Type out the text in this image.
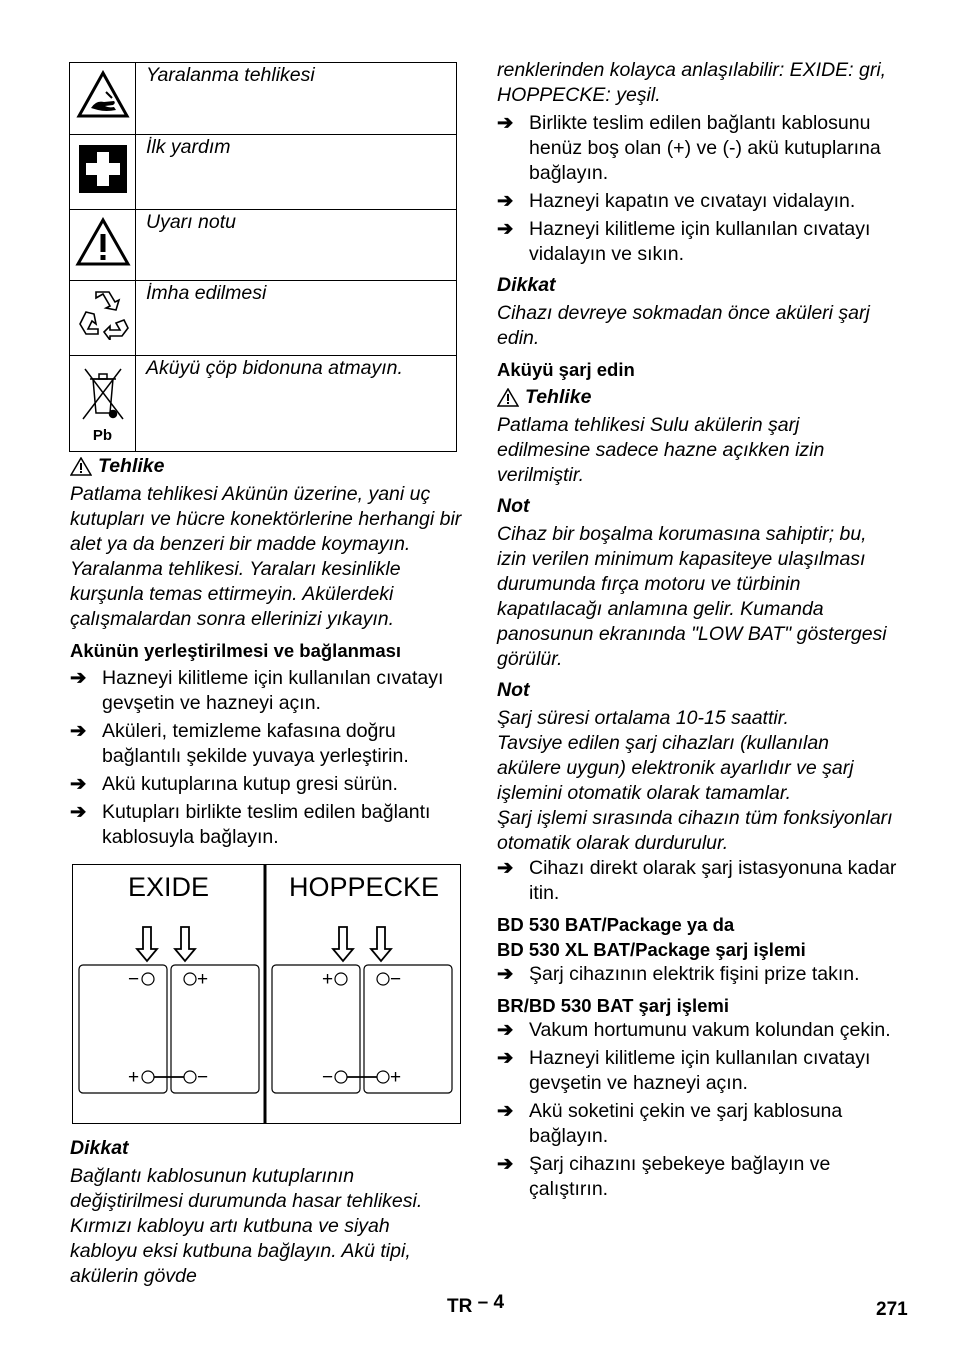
	Yaralanma tehlikesi
	İlk yardım
	Uyarı notu
	İmha edilmesi

Pb	Aküyü çöp bidonuna atmayın.
Tehlike

Patlama tehlikesi Akünün üzerine, yani uç kutupları ve hücre konektörlerine herhangi bir alet ya da benzeri bir madde koymayın. Yaralanma tehlikesi. Yaraları kesinlikle kurşunla temas ettirmeyin. Akülerdeki çalışmalardan sonra ellerinizi yıkayın.

Akünün yerleştirilmesi ve bağlanması

➔ Hazneyi kilitleme için kullanılan cıvatayı gevşetin ve hazneyi açın.
➔ Aküleri, temizleme kafasına doğru bağlantılı şekilde yuvaya yerleştirin.
➔ Akü kutuplarına kutup gresi sürün.
➔ Kutupları birlikte teslim edilen bağlantı kablosuyla bağlayın.
EXIDE	HOPPECKE
−	+
+	−
+	−
−	+

Dikkat

Bağlantı kablosunun kutuplarının değiştirilmesi durumunda hasar tehlikesi. Kırmızı kabloyu artı kutbuna ve siyah kabloyu eksi kutbuna bağlayın. Akü tipi, akülerin gövde

renklerinden kolayca anlaşılabilir: EXIDE: gri, HOPPECKE: yeşil.

➔ Birlikte teslim edilen bağlantı kablosunu henüz boş olan (+) ve (-) akü kutuplarına bağlayın.
➔ Hazneyi kapatın ve cıvatayı vidalayın.
➔ Hazneyi kilitleme için kullanılan cıvatayı vidalayın ve sıkın.

Dikkat

Cihazı devreye sokmadan önce aküleri şarj edin.

Aküyü şarj edin

Tehlike

Patlama tehlikesi Sulu akülerin şarj edilmesine sadece hazne açıkken izin verilmiştir.

Not

Cihaz bir boşalma korumasına sahiptir; bu, izin verilen minimum kapasiteye ulaşılması durumunda fırça motoru ve türbinin kapatılacağı anlamına gelir. Kumanda panosunun ekranında "LOW BAT" göstergesi görülür.

Not

Şarj süresi ortalama 10-15 saattir.

Tavsiye edilen şarj cihazları (kullanılan akülere uygun) elektronik ayarlıdır ve şarj işlemini otomatik olarak tamamlar.

Şarj işlemi sırasında cihazın tüm fonksiyonları otomatik olarak durdurulur.

➔ Cihazı direkt olarak şarj istasyonuna kadar itin.

BD 530 BAT/Package ya da

BD 530 XL BAT/Package şarj işlemi

➔ Şarj cihazının elektrik fişini prize takın.

BR/BD 530 BAT şarj işlemi

➔ Vakum hortumunu vakum kolundan çekin.
➔ Hazneyi kilitleme için kullanılan cıvatayı gevşetin ve hazneyi açın.
➔ Akü soketini çekin ve şarj kablosuna bağlayın.
➔ Şarj cihazını şebekeye bağlayın ve çalıştırın.
TR – 4	271
